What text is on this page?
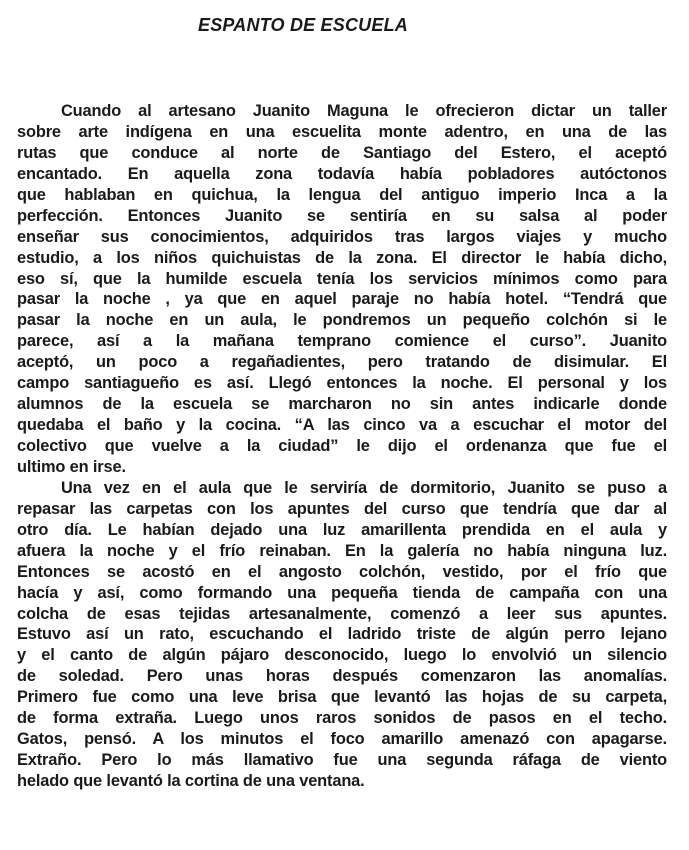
ESPANTO DE ESCUELA
Cuando al artesano Juanito Maguna le ofrecieron dictar un taller
sobre arte indígena en una escuelita monte adentro, en una de las
rutas que conduce al norte de Santiago del Estero, el aceptó
encantado. En aquella zona todavía había pobladores autóctonos
que hablaban en quichua, la lengua del antiguo imperio Inca a la
perfección. Entonces Juanito se sentiría en su salsa al poder
enseñar sus conocimientos, adquiridos tras largos viajes y mucho
estudio, a los niños quichuistas de la zona. El director le había dicho,
eso sí, que la humilde escuela tenía los servicios mínimos como para
pasar la noche , ya que en aquel paraje no había hotel. “Tendrá que
pasar la noche en un aula, le pondremos un pequeño colchón si le
parece, así a la mañana temprano comience el curso”. Juanito
aceptó, un poco a regañadientes, pero tratando de disimular. El
campo santiagueño es así. Llegó entonces la noche. El personal y los
alumnos de la escuela se marcharon no sin antes indicarle donde
quedaba el baño y la cocina. “A las cinco va a escuchar el motor del
colectivo que vuelve a la ciudad” le dijo el ordenanza que fue el
ultimo en irse.
Una vez en el aula que le serviría de dormitorio, Juanito se puso a
repasar las carpetas con los apuntes del curso que tendría que dar al
otro día. Le habían dejado una luz amarillenta prendida en el aula y
afuera la noche y el frío reinaban. En la galería no había ninguna luz.
Entonces se acostó en el angosto colchón, vestido, por el frío que
hacía y así, como formando una pequeña tienda de campaña con una
colcha de esas tejidas artesanalmente, comenzó a leer sus apuntes.
Estuvo así un rato, escuchando el ladrido triste de algún perro lejano
y el canto de algún pájaro desconocido, luego lo envolvió un silencio
de soledad. Pero unas horas después comenzaron las anomalías.
Primero fue como una leve brisa que levantó las hojas de su carpeta,
de forma extraña. Luego unos raros sonidos de pasos en el techo.
Gatos, pensó. A los minutos el foco amarillo amenazó con apagarse.
Extraño. Pero lo más llamativo fue una segunda ráfaga de viento
helado que levantó la cortina de una ventana.
